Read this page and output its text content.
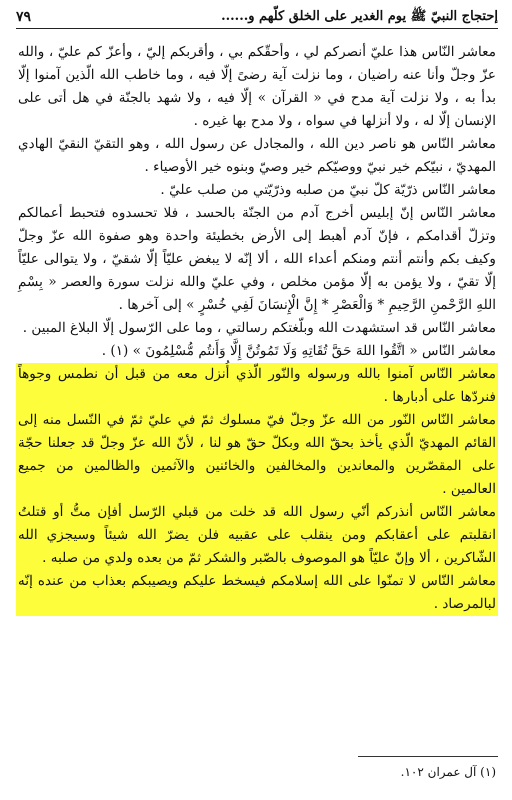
إحتجاج النبيّ ﷺ يوم الغدير على الخلق كلّهم و......
٧٩

معاشر النّاس هذا عليّ أنصركم لي ، وأحقّكم بي ، وأقربكم إليّ ، وأعزّ كم عليّ ، والله عزّ وجلّ وأنا عنه راضيان ، وما نزلت آية رضىً إلّا فيه ، وما خاطب الله الّذين آمنوا إلّا بدأ به ، ولا نزلت آية مدح في « القرآن » إلّا فيه ، ولا شهد بالجنّة في هل أتى على الإنسان إلّا له ، ولا أنزلها في سواه ، ولا مدح بها غيره .

معاشر النّاس هو ناصر دين الله ، والمجادل عن رسول الله ، وهو التقيّ النقيّ الهادي المهديّ ، نبيّكم خير نبيّ ووصيّكم خير وصيّ وبنوه خير الأوصياء .

معاشر النّاس ذرّيّة كلّ نبيّ من صلبه وذرّيّتي من صلب عليّ .

معاشر النّاس إنّ إبليس أخرج آدم من الجنّة بالحسد ، فلا تحسدوه فتحبط أعمالكم وتزلّ أقدامكم ، فإنّ آدم أهبط إلى الأرض بخطيئة واحدة وهو صفوة الله عزّ وجلّ وكيف بكم وأنتم أنتم ومنكم أعداء الله ، ألا إنّه لا يبغض عليّاً إلّا شقيّ ، ولا يتوالى عليّاً إلّا تقيّ ، ولا يؤمن به إلّا مؤمن مخلص ، وفي عليّ والله نزلت سورة والعصر « بِسْمِ اللهِ الرَّحْمنِ الرَّحِيمِ * وَالْعَصْرِ * إِنَّ الْإِنسَانَ لَفِي خُسْرٍ » إلى آخرها .

معاشر النّاس قد استشهدت الله وبلّغتكم رسالتي ، وما على الرّسول إلّا البلاغ المبين .

معاشر النّاس « اتَّقُوا اللهَ حَقَّ تُقَاتِهِ وَلَا تَمُوتُنَّ إِلَّا وَأَنتُم مُّسْلِمُونَ » (١) .

معاشر النّاس آمنوا بالله ورسوله والنّور الّذي أُنزل معه من قبل أن نطمس وجوهاً فنردّها على أدبارها .

معاشر النّاس النّور من الله عزّ وجلّ فيّ مسلوك ثمّ في عليّ ثمّ في النّسل منه إلى القائم المهديّ الّذي يأخذ بحقّ الله وبكلّ حقّ هو لنا ، لأنّ الله عزّ وجلّ قد جعلنا حجّة على المقصّرين والمعاندين والمخالفين والخائنين والآثمين والظالمين من جميع العالمين .

معاشر النّاس أنذركم أنّي رسول الله قد خلت من قبلي الرّسل أفإن متُّ أو قتلتُ انقلبتم على أعقابكم ومن ينقلب على عقبيه فلن يضرّ الله شيئاً وسيجزي الله الشّاكرين ، ألا وإنّ عليّاً هو الموصوف بالصّبر والشكر ثمّ من بعده ولدي من صلبه .

معاشر النّاس لا تمنّوا على الله إسلامكم فيسخط عليكم ويصيبكم بعذاب من عنده إنّه لبالمرصاد .

(١) آل عمران ١٠٢.
